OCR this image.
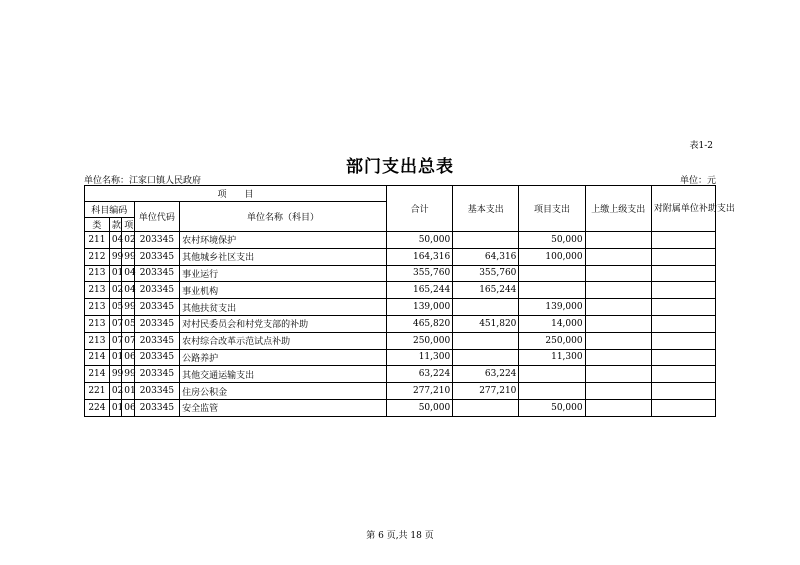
表1-2
部门支出总表
单位名称：江家口镇人民政府	单位：元
项　　目					合计	基本支出	项目支出	上缴上级支出	对附属单位补助支出
科目编码			单位代码	单位名称（科目）					
类	款	项							
211	04	02	203345	农村环境保护	50,000		50,000		
212	99	99	203345	其他城乡社区支出	164,316	64,316	100,000		
213	01	04	203345	事业运行	355,760	355,760			
213	02	04	203345	事业机构	165,244	165,244			
213	05	99	203345	其他扶贫支出	139,000		139,000		
213	07	05	203345	对村民委员会和村党支部的补助	465,820	451,820	14,000		
213	07	07	203345	农村综合改革示范试点补助	250,000		250,000		
214	01	06	203345	公路养护	11,300		11,300		
214	99	99	203345	其他交通运输支出	63,224	63,224			
221	02	01	203345	住房公积金	277,210	277,210			
224	01	06	203345	安全监管	50,000		50,000		
第 6 页,共 18 页
